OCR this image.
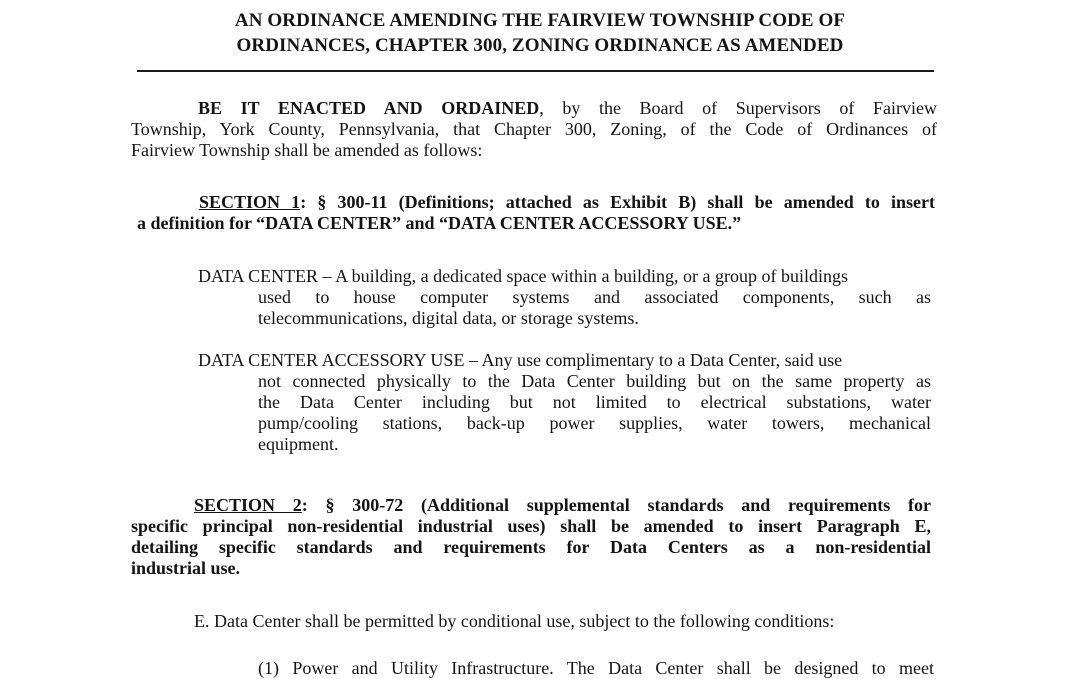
AN ORDINANCE AMENDING THE FAIRVIEW TOWNSHIP CODE OF
ORDINANCES, CHAPTER 300, ZONING ORDINANCE AS AMENDED
BE IT ENACTED AND ORDAINED, by the Board of Supervisors of Fairview
Township, York County, Pennsylvania, that Chapter 300, Zoning, of the Code of Ordinances of
Fairview Township shall be amended as follows:
SECTION 1: § 300-11 (Definitions; attached as Exhibit B) shall be amended to insert
a definition for “DATA CENTER” and “DATA CENTER ACCESSORY USE.”
DATA CENTER – A building, a dedicated space within a building, or a group of buildings
used to house computer systems and associated components, such as
telecommunications, digital data, or storage systems.
DATA CENTER ACCESSORY USE – Any use complimentary to a Data Center, said use
not connected physically to the Data Center building but on the same property as
the Data Center including but not limited to electrical substations, water
pump/cooling stations, back-up power supplies, water towers, mechanical
equipment.
SECTION 2: § 300-72 (Additional supplemental standards and requirements for
specific principal non-residential industrial uses) shall be amended to insert Paragraph E,
detailing specific standards and requirements for Data Centers as a non-residential
industrial use.
E. Data Center shall be permitted by conditional use, subject to the following conditions:
(1) Power and Utility Infrastructure. The Data Center shall be designed to meet
